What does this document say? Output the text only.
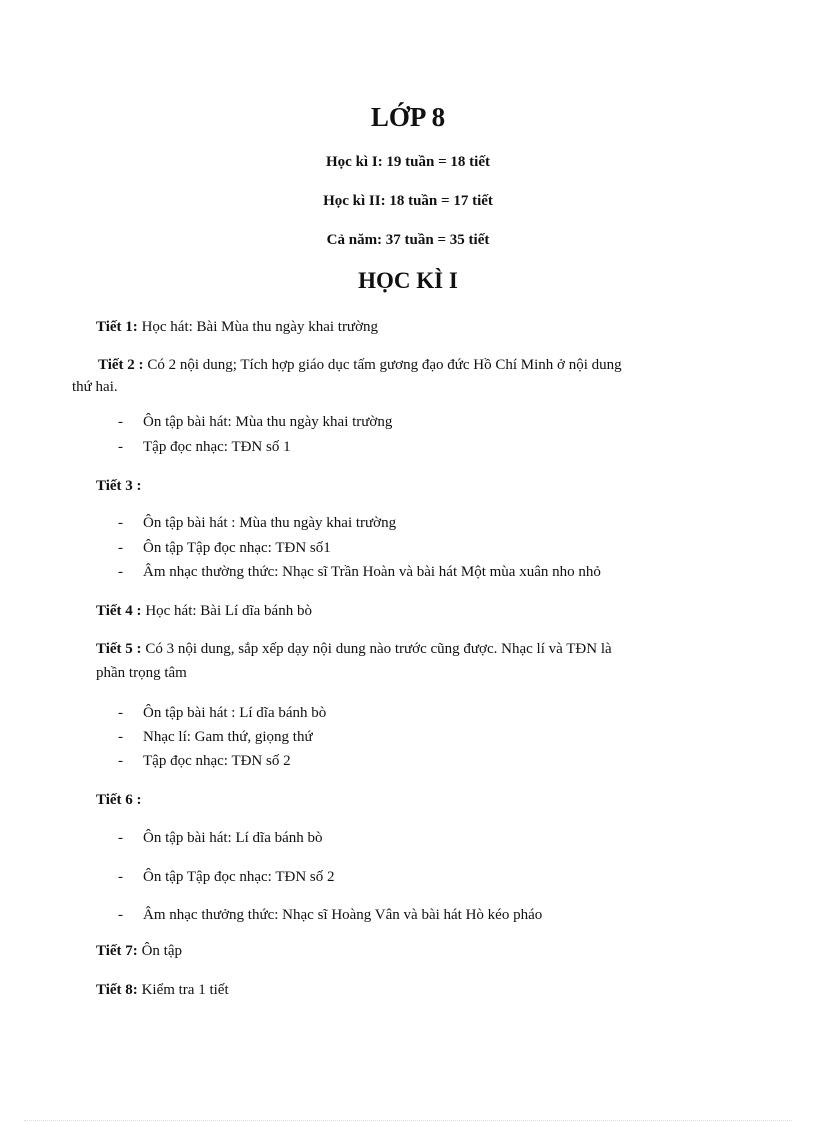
LỚP 8
Học kì I: 19 tuần = 18 tiết
Học kì II: 18 tuần = 17 tiết
Cả năm: 37 tuần = 35 tiết
HỌC KÌ I
Tiết 1: Học hát: Bài Mùa thu ngày khai trường
Tiết 2 : Có 2 nội dung; Tích hợp giáo dục tấm gương đạo đức Hồ Chí Minh ở nội dung
thứ hai.
- Ôn tập bài hát: Mùa thu ngày khai trường
- Tập đọc nhạc: TĐN số 1
Tiết 3 :
- Ôn tập bài hát : Mùa thu ngày khai trường
- Ôn tập Tập đọc nhạc: TĐN số1
- Âm nhạc thường thức: Nhạc sĩ Trần Hoàn và bài hát Một mùa xuân nho nhỏ
Tiết 4 : Học hát: Bài Lí dĩa bánh bò
Tiết 5 : Có 3 nội dung, sắp xếp dạy nội dung nào trước cũng được. Nhạc lí và TĐN là
phần trọng tâm
- Ôn tập bài hát : Lí dĩa bánh bò
- Nhạc lí: Gam thứ, giọng thứ
- Tập đọc nhạc: TĐN số 2
Tiết 6 :
- Ôn tập bài hát: Lí dĩa bánh bò
- Ôn tập Tập đọc nhạc: TĐN số 2
- Âm nhạc thưởng thức: Nhạc sĩ Hoàng Vân và bài hát Hò kéo pháo
Tiết 7: Ôn tập
Tiết 8: Kiểm tra 1 tiết
